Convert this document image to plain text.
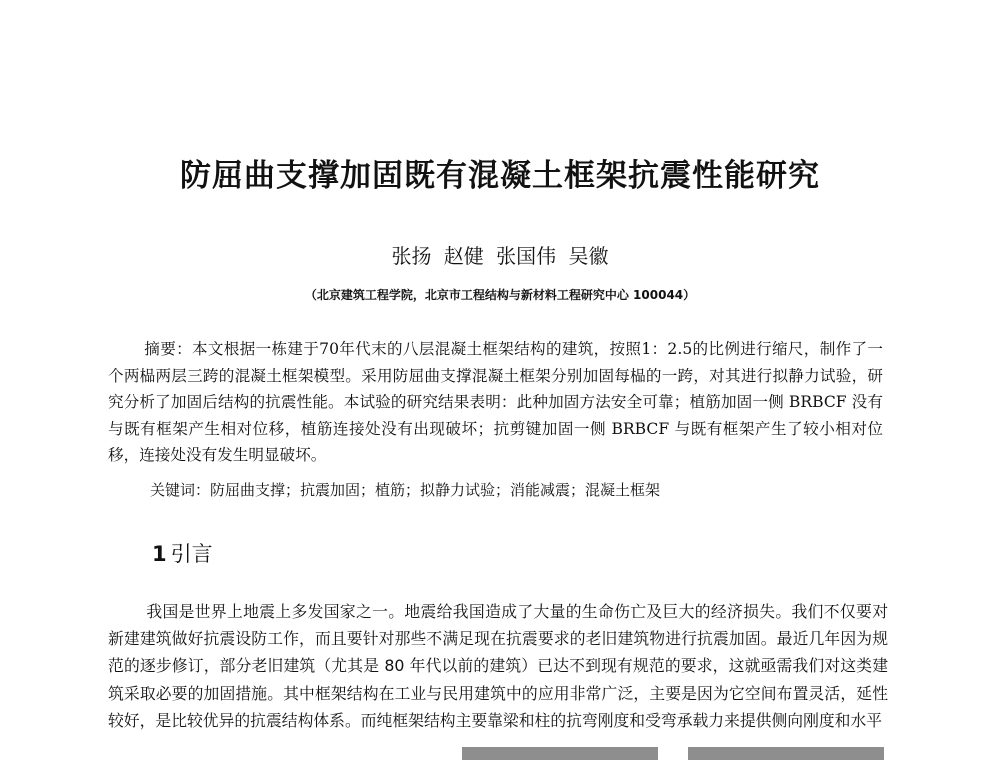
防屈曲支撑加固既有混凝土框架抗震性能研究
张扬 赵健 张国伟 吴徽
（北京建筑工程学院，北京市工程结构与新材料工程研究中心 100044）
摘要：本文根据一栋建于70年代末的八层混凝土框架结构的建筑，按照1：2.5的比例进行缩尺，制作了一个两榀两层三跨的混凝土框架模型。采用防屈曲支撑混凝土框架分别加固每榀的一跨，对其进行拟静力试验，研究分析了加固后结构的抗震性能。本试验的研究结果表明：此种加固方法安全可靠；植筋加固一侧 BRBCF 没有与既有框架产生相对位移，植筋连接处没有出现破坏；抗剪键加固一侧 BRBCF 与既有框架产生了较小相对位移，连接处没有发生明显破坏。
关键词：防屈曲支撑；抗震加固；植筋；拟静力试验；消能减震；混凝土框架
1 引言
我国是世界上地震上多发国家之一。地震给我国造成了大量的生命伤亡及巨大的经济损失。我们不仅要对新建建筑做好抗震设防工作，而且要针对那些不满足现在抗震要求的老旧建筑物进行抗震加固。最近几年因为规范的逐步修订，部分老旧建筑（尤其是 80 年代以前的建筑）已达不到现有规范的要求，这就亟需我们对这类建筑采取必要的加固措施。其中框架结构在工业与民用建筑中的应用非常广泛，主要是因为它空间布置灵活，延性较好，是比较优异的抗震结构体系。而纯框架结构主要靠梁和柱的抗弯刚度和受弯承载力来提供侧向刚度和水平
